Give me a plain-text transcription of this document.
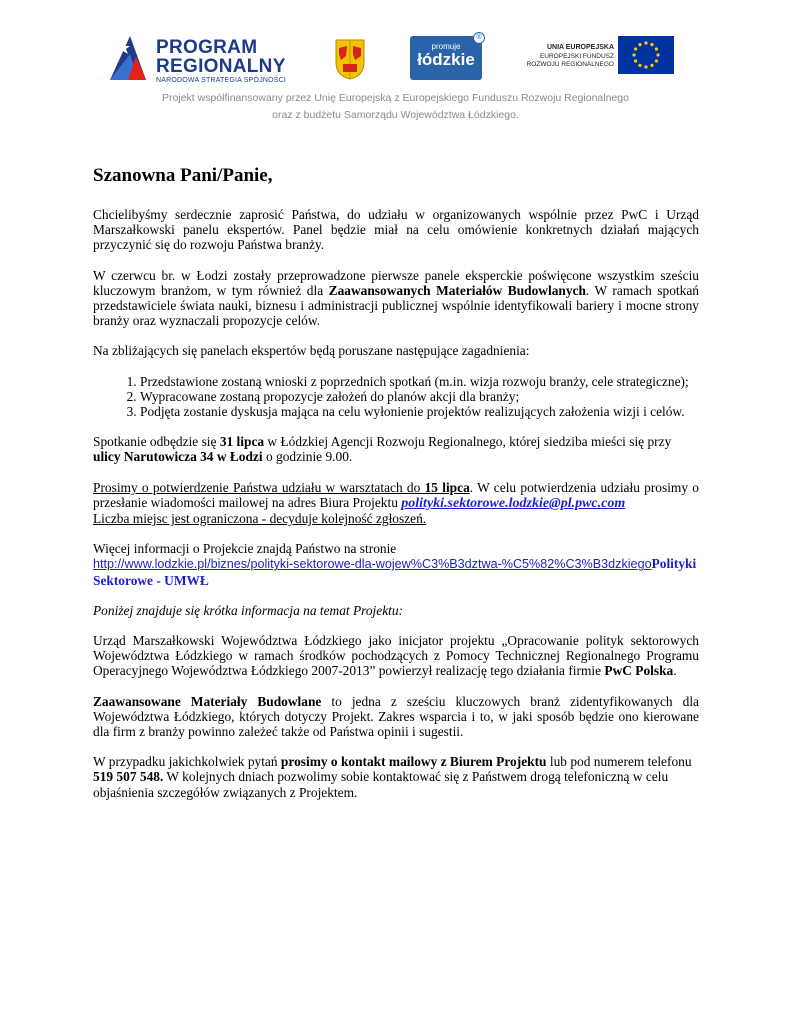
PROGRAM
REGIONALNY
NARODOWA STRATEGIA SPÓJNOŚCI
promuje
łódzkie
®
UNIA EUROPEJSKA
EUROPEJSKI FUNDUSZ
ROZWOJU REGIONALNEGO
Projekt współfinansowany przez Unię Europejską z Europejskiego Funduszu Rozwoju Regionalnego
oraz z budżetu Samorządu Województwa Łódzkiego.
Szanowna Pani/Panie,

Chcielibyśmy serdecznie zaprosić Państwa, do udziału w organizowanych wspólnie przez PwC i Urząd Marszałkowski panelu ekspertów. Panel będzie miał na celu omówienie konkretnych działań mających przyczynić się do rozwoju Państwa branży.

W czerwcu br. w Łodzi zostały przeprowadzone pierwsze panele eksperckie poświęcone wszystkim sześciu kluczowym branżom, w tym również dla Zaawansowanych Materiałów Budowlanych. W ramach spotkań przedstawiciele świata nauki, biznesu i administracji publicznej wspólnie identyfikowali bariery i mocne strony branży oraz wyznaczali propozycje celów.

Na zbliżających się panelach ekspertów będą poruszane następujące zagadnienia:

1. Przedstawione zostaną wnioski z poprzednich spotkań (m.in. wizja rozwoju branży, cele strategiczne);
2. Wypracowane zostaną propozycje założeń do planów akcji dla branży;
3. Podjęta zostanie dyskusja mająca na celu wyłonienie projektów realizujących założenia wizji i celów.

Spotkanie odbędzie się 31 lipca w Łódzkiej Agencji Rozwoju Regionalnego, której siedziba mieści się przy ulicy Narutowicza 34 w Łodzi o godzinie 9.00.

Prosimy o potwierdzenie Państwa udziału w warsztatach do 15 lipca. W celu potwierdzenia udziału prosimy o przesłanie wiadomości mailowej na adres Biura Projektu polityki.sektorowe.lodzkie@pl.pwc.com

Liczba miejsc jest ograniczona - decyduje kolejność zgłoszeń.

Więcej informacji o Projekcie znajdą Państwo na stronie

http://www.lodzkie.pl/biznes/polityki-sektorowe-dla-wojew%C3%B3dztwa-%C5%82%C3%B3dzkiegoPolityki Sektorowe - UMWŁ

Poniżej znajduje się krótka informacja na temat Projektu:

Urząd Marszałkowski Województwa Łódzkiego jako inicjator projektu „Opracowanie polityk sektorowych Województwa Łódzkiego w ramach środków pochodzących z Pomocy Technicznej Regionalnego Programu Operacyjnego Województwa Łódzkiego 2007-2013” powierzył realizację tego działania firmie PwC Polska.

Zaawansowane Materiały Budowlane to jedna z sześciu kluczowych branż zidentyfikowanych dla Województwa Łódzkiego, których dotyczy Projekt. Zakres wsparcia i to, w jaki sposób będzie ono kierowane dla firm z branży powinno zależeć także od Państwa opinii i sugestii.

W przypadku jakichkolwiek pytań prosimy o kontakt mailowy z Biurem Projektu lub pod numerem telefonu 519 507 548. W kolejnych dniach pozwolimy sobie kontaktować się z Państwem drogą telefoniczną w celu objaśnienia szczegółów związanych z Projektem.
